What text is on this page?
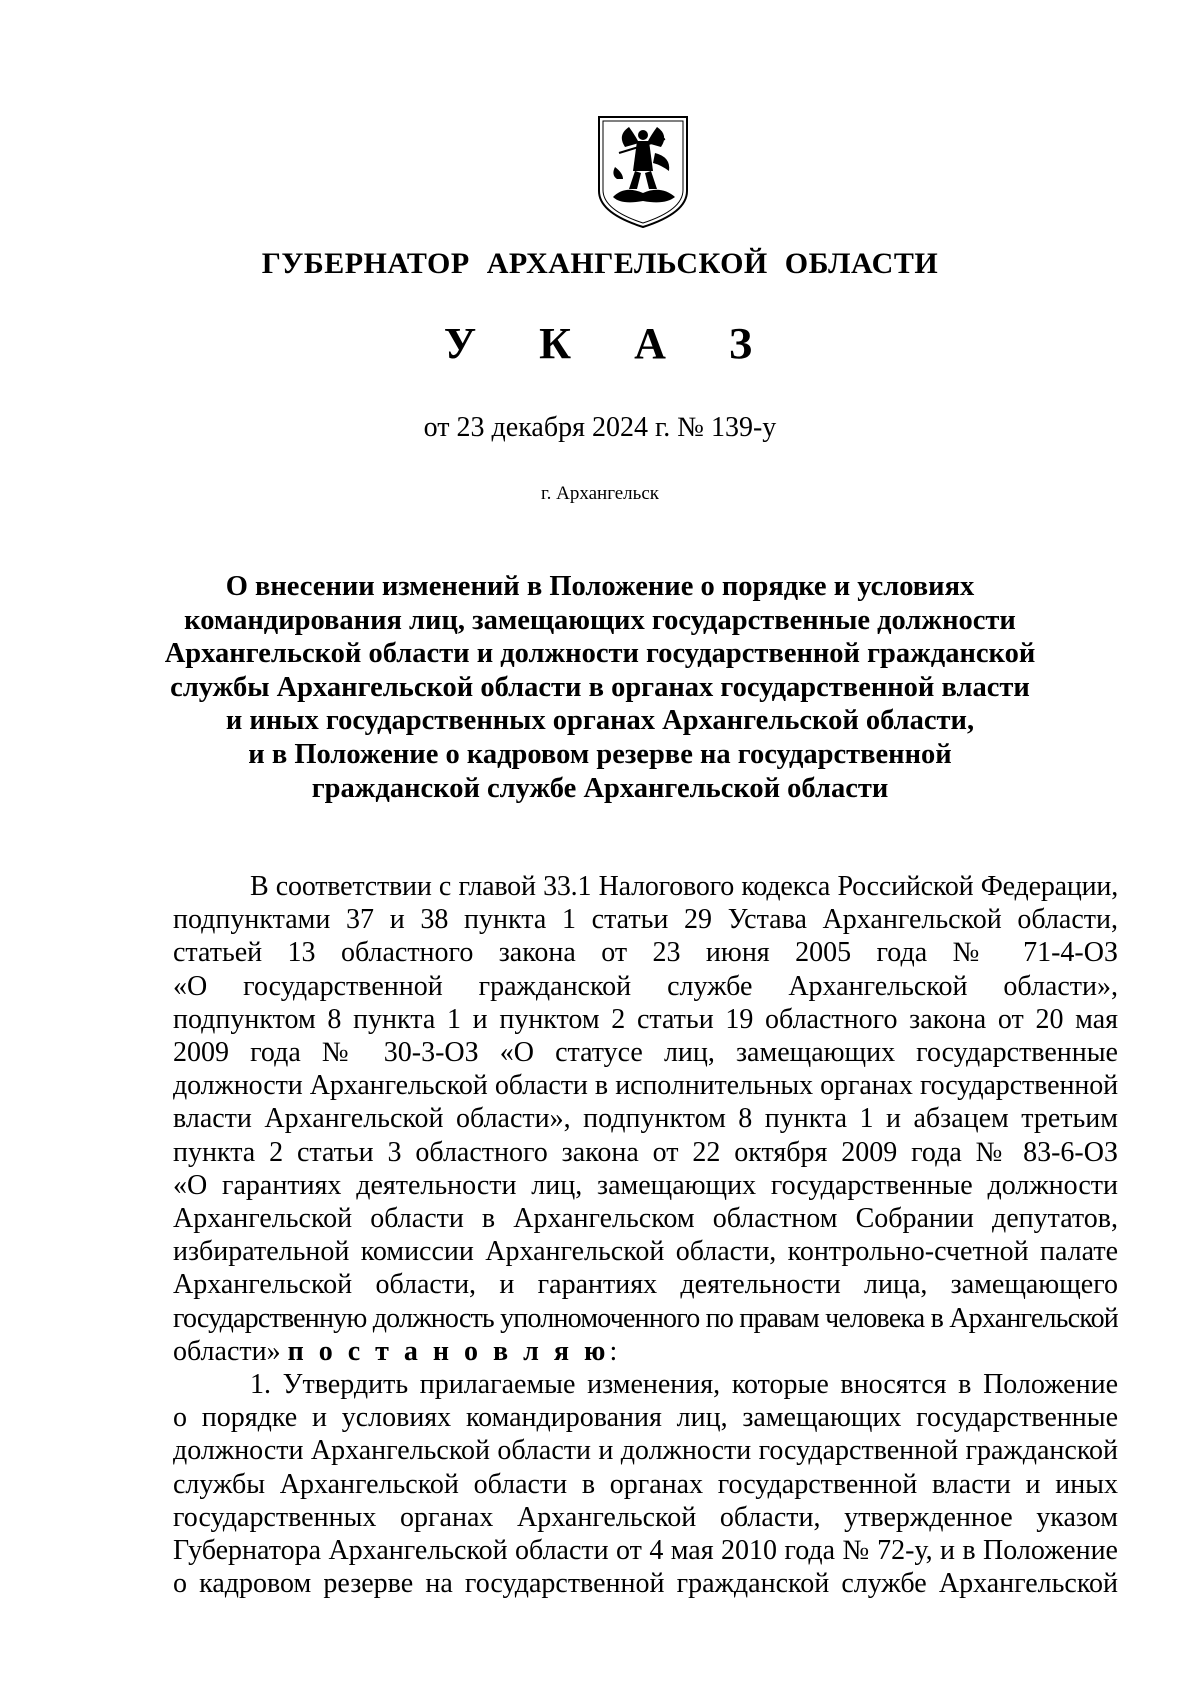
ГУБЕРНАТОР АРХАНГЕЛЬСКОЙ ОБЛАСТИ
У К А З
от 23 декабря 2024 г. № 139-у
г. Архангельск
О внесении изменений в Положение о порядке и условиях
командирования лиц, замещающих государственные должности
Архангельской области и должности государственной гражданской
службы Архангельской области в органах государственной власти
и иных государственных органах Архангельской области,
и в Положение о кадровом резерве на государственной
гражданской службе Архангельской области
В соответствии с главой 33.1 Налогового кодекса Российской Федерации,
подпунктами 37 и 38 пункта 1 статьи 29 Устава Архангельской области,
статьей 13 областного закона от 23 июня 2005 года № 71-4-ОЗ
«О государственной гражданской службе Архангельской области»,
подпунктом 8 пункта 1 и пунктом 2 статьи 19 областного закона от 20 мая
2009 года № 30-3-ОЗ «О статусе лиц, замещающих государственные
должности Архангельской области в исполнительных органах государственной
власти Архангельской области», подпунктом 8 пункта 1 и абзацем третьим
пункта 2 статьи 3 областного закона от 22 октября 2009 года № 83-6-ОЗ
«О гарантиях деятельности лиц, замещающих государственные должности
Архангельской области в Архангельском областном Собрании депутатов,
избирательной комиссии Архангельской области, контрольно-счетной палате
Архангельской области, и гарантиях деятельности лица, замещающего
государственную должность уполномоченного по правам человека в Архангельской
области» п о с т а н о в л я ю:
1. Утвердить прилагаемые изменения, которые вносятся в Положение
о порядке и условиях командирования лиц, замещающих государственные
должности Архангельской области и должности государственной гражданской
службы Архангельской области в органах государственной власти и иных
государственных органах Архангельской области, утвержденное указом
Губернатора Архангельской области от 4 мая 2010 года № 72-у, и в Положение
о кадровом резерве на государственной гражданской службе Архангельской
